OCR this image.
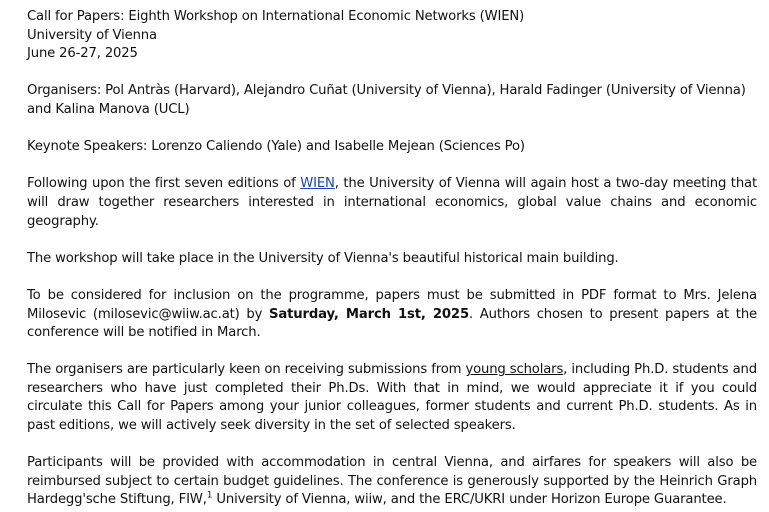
Call for Papers: Eighth Workshop on International Economic Networks (WIEN)

University of Vienna

June 26-27, 2025

Organisers: Pol Antràs (Harvard), Alejandro Cuñat (University of Vienna), Harald Fadinger (University of Vienna) and Kalina Manova (UCL)

Keynote Speakers: Lorenzo Caliendo (Yale) and Isabelle Mejean (Sciences Po)

Following upon the first seven editions of WIEN, the University of Vienna will again host a two-day meeting that will draw together researchers interested in international economics, global value chains and economic geography.

The workshop will take place in the University of Vienna's beautiful historical main building.

To be considered for inclusion on the programme, papers must be submitted in PDF format to Mrs. Jelena Milosevic (milosevic@wiiw.ac.at) by Saturday, March 1st, 2025. Authors chosen to present papers at the conference will be notified in March.

The organisers are particularly keen on receiving submissions from young scholars, including Ph.D. students and researchers who have just completed their Ph.Ds. With that in mind, we would appreciate it if you could circulate this Call for Papers among your junior colleagues, former students and current Ph.D. students. As in past editions, we will actively seek diversity in the set of selected speakers.

Participants will be provided with accommodation in central Vienna, and airfares for speakers will also be reimbursed subject to certain budget guidelines. The conference is generously supported by the Heinrich Graph Hardegg'sche Stiftung, FIW,$^1$ University of Vienna, wiiw, and the ERC/UKRI under Horizon Europe Guarantee.
